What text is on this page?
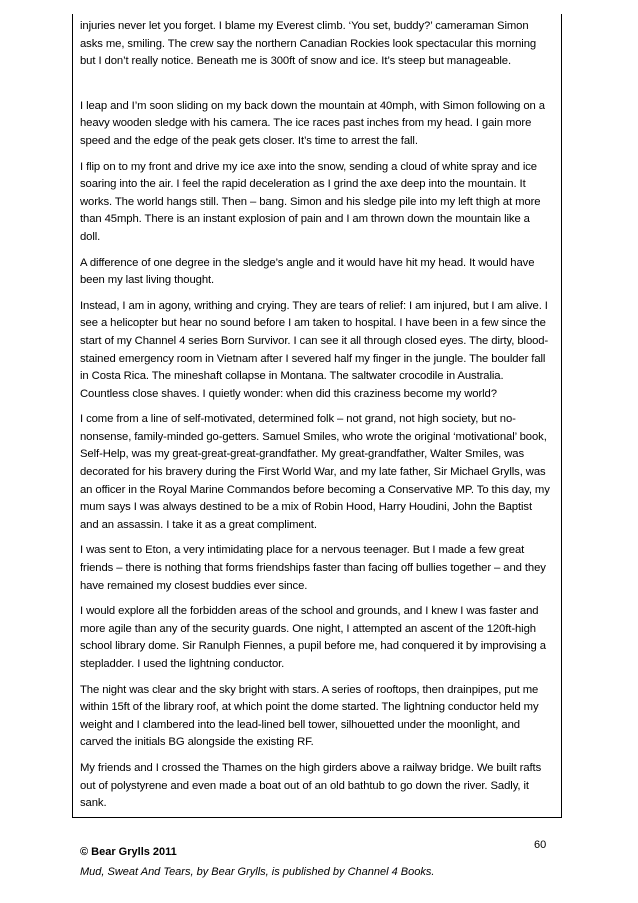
injuries never let you forget. I blame my Everest climb. ‘You set, buddy?’ cameraman Simon asks me, smiling. The crew say the northern Canadian Rockies look spectacular this morning but I don’t really notice. Beneath me is 300ft of snow and ice. It’s steep but manageable.

I leap and I’m soon sliding on my back down the mountain at 40mph, with Simon following on a heavy wooden sledge with his camera. The ice races past inches from my head. I gain more speed and the edge of the peak gets closer. It’s time to arrest the fall.

I flip on to my front and drive my ice axe into the snow, sending a cloud of white spray and ice soaring into the air. I feel the rapid deceleration as I grind the axe deep into the mountain. It works. The world hangs still. Then – bang. Simon and his sledge pile into my left thigh at more than 45mph. There is an instant explosion of pain and I am thrown down the mountain like a doll.

A difference of one degree in the sledge’s angle and it would have hit my head. It would have been my last living thought.

Instead, I am in agony, writhing and crying. They are tears of relief: I am injured, but I am alive. I see a helicopter but hear no sound before I am taken to hospital. I have been in a few since the start of my Channel 4 series Born Survivor. I can see it all through closed eyes. The dirty, blood-stained emergency room in Vietnam after I severed half my finger in the jungle. The boulder fall in Costa Rica. The mineshaft collapse in Montana. The saltwater crocodile in Australia. Countless close shaves. I quietly wonder: when did this craziness become my world?

I come from a line of self-motivated, determined folk – not grand, not high society, but no-nonsense, family-minded go-getters. Samuel Smiles, who wrote the original ‘motivational’ book, Self-Help, was my great-great-great-grandfather. My great-grandfather, Walter Smiles, was decorated for his bravery during the First World War, and my late father, Sir Michael Grylls, was an officer in the Royal Marine Commandos before becoming a Conservative MP. To this day, my mum says I was always destined to be a mix of Robin Hood, Harry Houdini, John the Baptist and an assassin. I take it as a great compliment.

I was sent to Eton, a very intimidating place for a nervous teenager. But I made a few great friends – there is nothing that forms friendships faster than facing off bullies together – and they have remained my closest buddies ever since.

I would explore all the forbidden areas of the school and grounds, and I knew I was faster and more agile than any of the security guards. One night, I attempted an ascent of the 120ft-high school library dome. Sir Ranulph Fiennes, a pupil before me, had conquered it by improvising a stepladder. I used the lightning conductor.

The night was clear and the sky bright with stars. A series of rooftops, then drainpipes, put me within 15ft of the library roof, at which point the dome started. The lightning conductor held my weight and I clambered into the lead-lined bell tower, silhouetted under the moonlight, and carved the initials BG alongside the existing RF.

My friends and I crossed the Thames on the high girders above a railway bridge. We built rafts out of polystyrene and even made a boat out of an old bathtub to go down the river. Sadly, it sank.

© Bear Grylls 2011

Mud, Sweat And Tears, by Bear Grylls, is published by Channel 4 Books.

60
